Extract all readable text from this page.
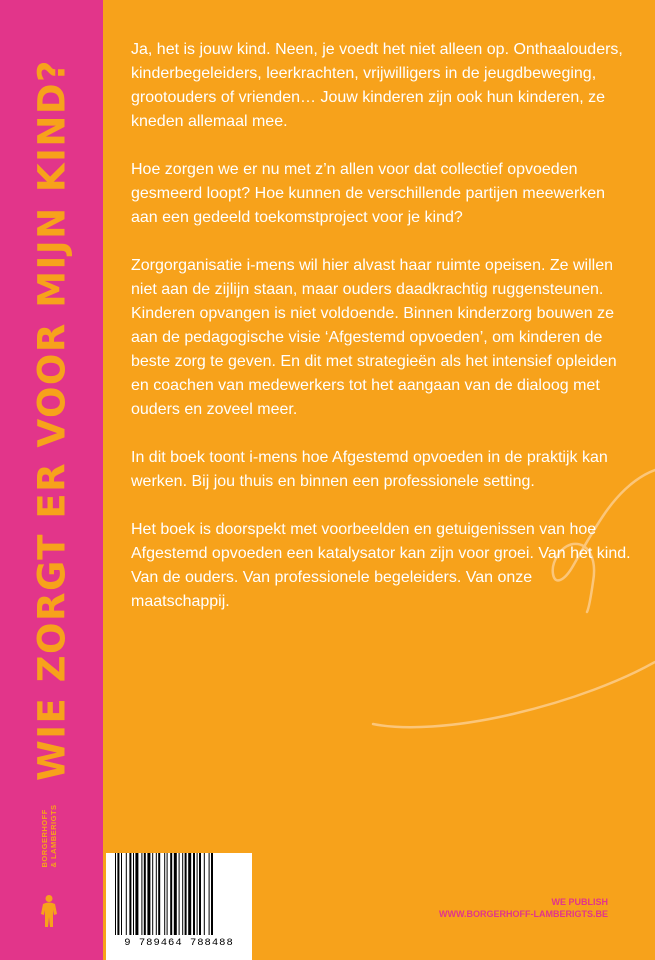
WIE ZORGT ER VOOR MIJN KIND?
BORGERHOFF & LAMBERIGTS

Ja, het is jouw kind. Neen, je voedt het niet alleen op. Onthaalouders, kinderbegeleiders, leerkrachten, vrijwilligers in de jeugdbeweging, grootouders of vrienden… Jouw kinderen zijn ook hun kinderen, ze kneden allemaal mee.

Hoe zorgen we er nu met z’n allen voor dat collectief opvoeden gesmeerd loopt? Hoe kunnen de verschillende partijen meewerken aan een gedeeld toekomstproject voor je kind?

Zorgorganisatie i-mens wil hier alvast haar ruimte opeisen. Ze willen niet aan de zijlijn staan, maar ouders daadkrachtig ruggensteunen. Kinderen opvangen is niet voldoende. Binnen kinderzorg bouwen ze aan de pedagogische visie ‘Afgestemd opvoeden’, om kinderen de beste zorg te geven. En dit met strategieën als het intensief opleiden en coachen van medewerkers tot het aangaan van de dialoog met ouders en zoveel meer.

In dit boek toont i-mens hoe Afgestemd opvoeden in de praktijk kan werken. Bij jou thuis en binnen een professionele setting.

Het boek is doorspekt met voorbeelden en getuigenissen van hoe Afgestemd opvoeden een katalysator kan zijn voor groei. Van het kind. Van de ouders. Van professionele begeleiders. Van onze maatschappij.

9 789464 788488
WE PUBLISH
WWW.BORGERHOFF-LAMBERIGTS.BE
